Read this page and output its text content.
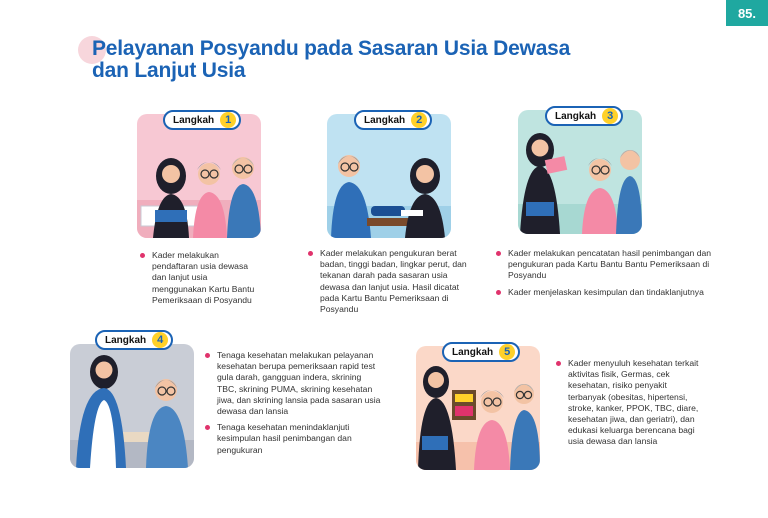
85.
Pelayanan Posyandu pada Sasaran Usia Dewasa
dan Lanjut Usia
Langkah 1
Kader melakukan pendaftaran usia dewasa dan lanjut usia menggunakan Kartu Bantu Pemeriksaan di Posyandu
Langkah 2
Kader melakukan pengukuran berat badan, tinggi badan, lingkar perut, dan tekanan darah pada sasaran usia dewasa dan lanjut usia. Hasil dicatat pada Kartu Bantu Pemeriksaan di Posyandu
Langkah 3
Kader melakukan pencatatan hasil penimbangan dan pengukuran pada Kartu Bantu Bantu Pemeriksaan di Posyandu
Kader menjelaskan kesimpulan dan tindaklanjutnya
Langkah 4
Tenaga kesehatan melakukan pelayanan kesehatan berupa pemeriksaan rapid test gula darah, gangguan indera, skrining TBC, skrining PUMA, skrining kesehatan jiwa, dan skrining lansia pada sasaran usia dewasa dan lansia
Tenaga kesehatan menindaklanjuti kesimpulan hasil penimbangan dan pengukuran
Langkah 5
Kader menyuluh kesehatan terkait aktivitas fisik, Germas, cek kesehatan, risiko penyakit terbanyak (obesitas, hipertensi, stroke, kanker, PPOK, TBC, diare, kesehatan jiwa, dan geriatri), dan edukasi keluarga berencana bagi usia dewasa dan lansia
